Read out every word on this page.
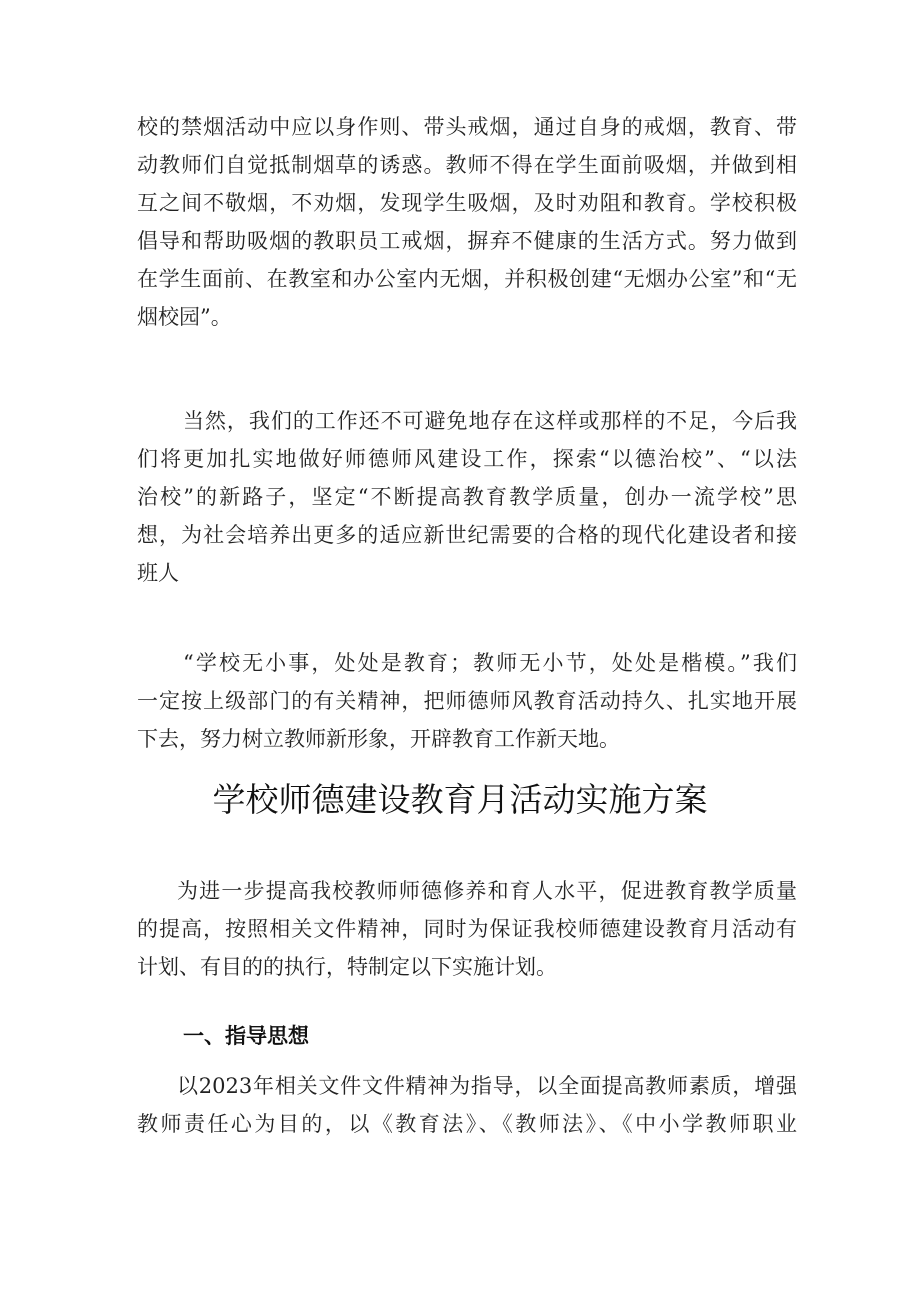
校的禁烟活动中应以身作则、带头戒烟，通过自身的戒烟，教育、带
动教师们自觉抵制烟草的诱惑。教师不得在学生面前吸烟，并做到相
互之间不敬烟，不劝烟，发现学生吸烟，及时劝阻和教育。学校积极
倡导和帮助吸烟的教职员工戒烟，摒弃不健康的生活方式。努力做到
在学生面前、在教室和办公室内无烟，并积极创建“无烟办公室”和“无
烟校园”。
当然，我们的工作还不可避免地存在这样或那样的不足，今后我
们将更加扎实地做好师德师风建设工作，探索“以德治校”、“以法
治校”的新路子，坚定“不断提高教育教学质量，创办一流学校”思
想，为社会培养出更多的适应新世纪需要的合格的现代化建设者和接
班人
“学校无小事，处处是教育；教师无小节，处处是楷模。”我们
一定按上级部门的有关精神，把师德师风教育活动持久、扎实地开展
下去，努力树立教师新形象，开辟教育工作新天地。
学校师德建设教育月活动实施方案
为进一步提高我校教师师德修养和育人水平，促进教育教学质量
的提高，按照相关文件精神，同时为保证我校师德建设教育月活动有
计划、有目的的执行，特制定以下实施计划。
一、指导思想
以2023年相关文件文件精神为指导，以全面提高教师素质，增强
教师责任心为目的，以《教育法》、《教师法》、《中小学教师职业
